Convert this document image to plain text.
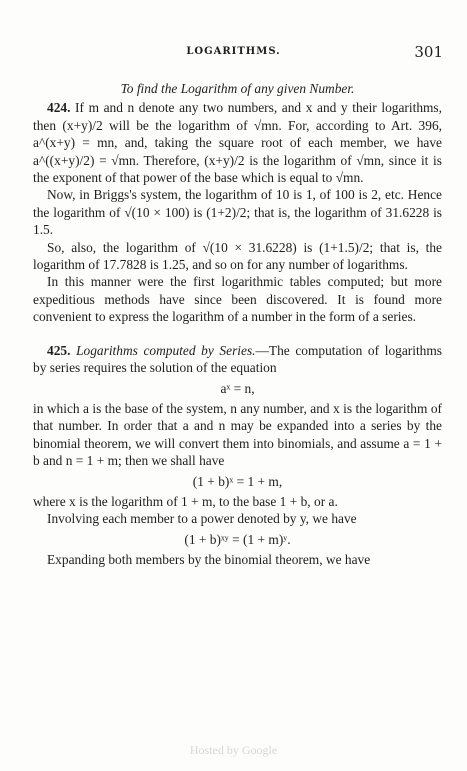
LOGARITHMS.	301
To find the Logarithm of any given Number.

424. If m and n denote any two numbers, and x and y their logarithms, then (x+y)/2 will be the logarithm of √mn. For, according to Art. 396, a^(x+y) = mn, and, taking the square root of each member, we have a^((x+y)/2) = √mn. Therefore, (x+y)/2 is the logarithm of √mn, since it is the exponent of that power of the base which is equal to √mn.

Now, in Briggs's system, the logarithm of 10 is 1, of 100 is 2, etc. Hence the logarithm of √(10 × 100) is (1+2)/2; that is, the logarithm of 31.6228 is 1.5.

So, also, the logarithm of √(10 × 31.6228) is (1+1.5)/2; that is, the logarithm of 17.7828 is 1.25, and so on for any number of logarithms.

In this manner were the first logarithmic tables computed; but more expeditious methods have since been discovered. It is found more convenient to express the logarithm of a number in the form of a series.

425. Logarithms computed by Series.—The computation of logarithms by series requires the solution of the equation

aˣ = n,

in which a is the base of the system, n any number, and x is the logarithm of that number. In order that a and n may be expanded into a series by the binomial theorem, we will convert them into binomials, and assume a = 1 + b and n = 1 + m; then we shall have

(1 + b)ˣ = 1 + m,

where x is the logarithm of 1 + m, to the base 1 + b, or a.

Involving each member to a power denoted by y, we have

(1 + b)ˣʸ = (1 + m)ʸ.

Expanding both members by the binomial theorem, we have

Hosted by Google
